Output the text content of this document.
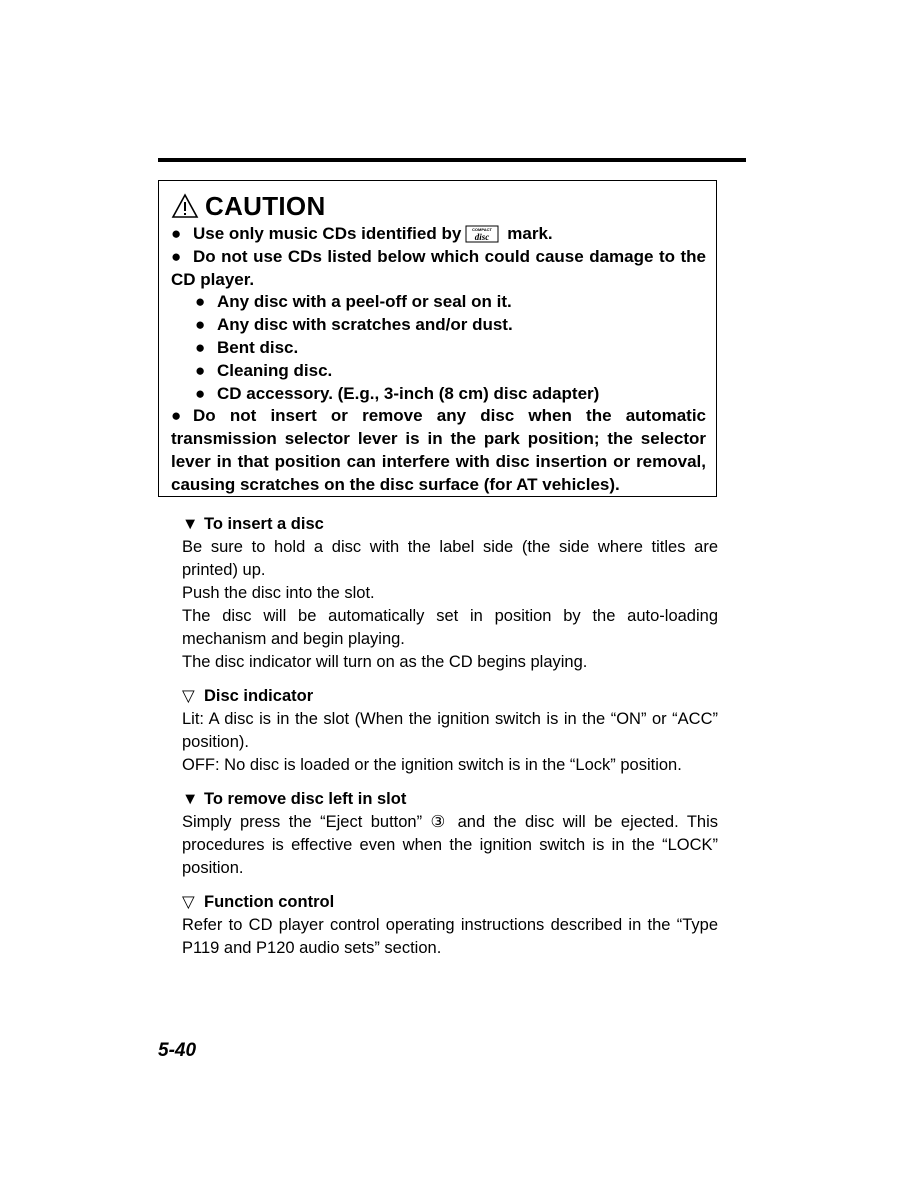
CAUTION
● Use only music CDs identified by	COMPACT
disc mark.
● Do not use CDs listed below which could cause damage to the CD player.
● Any disc with a peel-off or seal on it.
● Any disc with scratches and/or dust.
● Bent disc.
● Cleaning disc.
● CD accessory. (E.g., 3-inch (8 cm) disc adapter)
● Do not insert or remove any disc when the automatic transmission selector lever is in the park position; the selector lever in that position can interfere with disc insertion or removal, causing scratches on the disc surface (for AT vehicles).
▼ To insert a disc
Be sure to hold a disc with the label side (the side where titles are printed) up.
Push the disc into the slot.
The disc will be automatically set in position by the auto-loading mechanism and begin playing.
The disc indicator will turn on as the CD begins playing.
▽ Disc indicator
Lit: A disc is in the slot (When the ignition switch is in the “ON” or “ACC” position).
OFF: No disc is loaded or the ignition switch is in the “Lock” position.
▼ To remove disc left in slot
Simply press the “Eject button” ③ and the disc will be ejected. This procedures is effective even when the ignition switch is in the “LOCK” position.
▽ Function control
Refer to CD player control operating instructions described in the “Type P119 and P120 audio sets” section.
5-40
